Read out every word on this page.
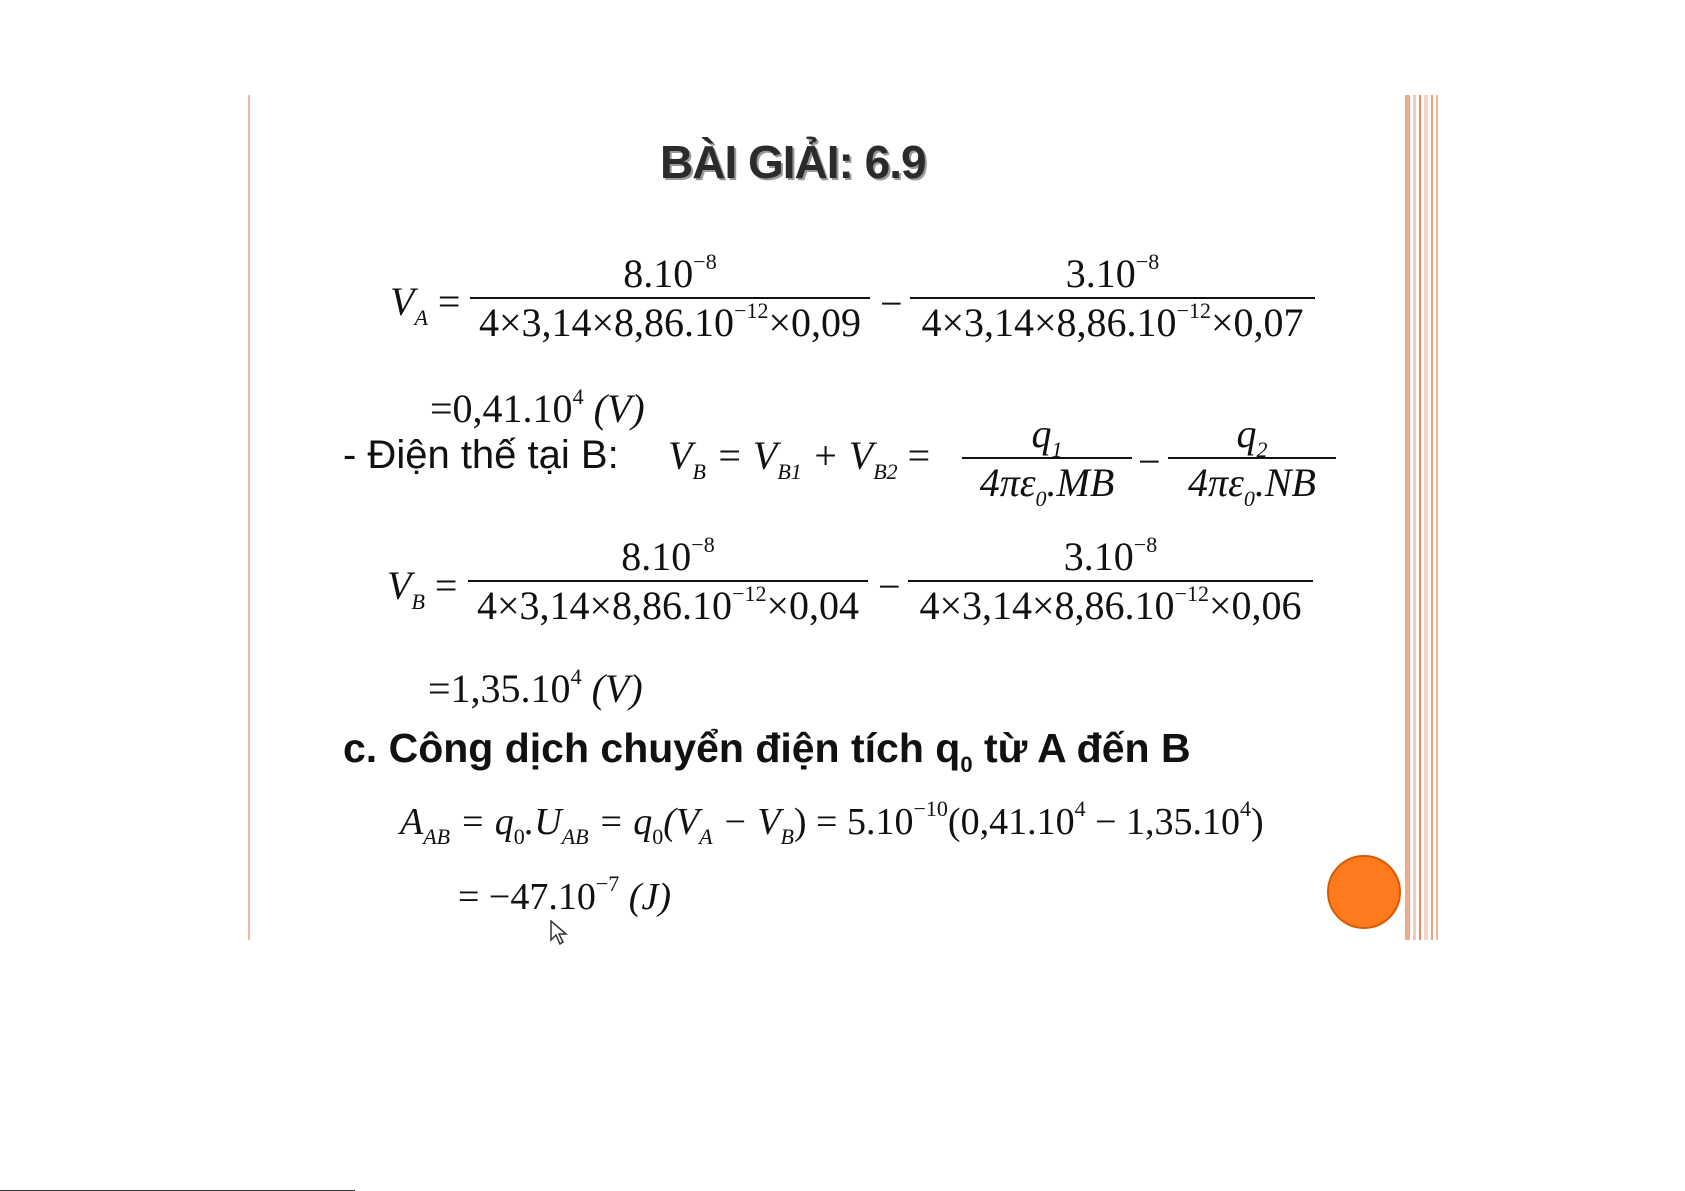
BÀI GIẢI: 6.9
$V_A$ =
$8.10^{-8}$
$4\times 3,14\times 8,86.10^{-12}\times 0,09$ −
$3.10^{-8}$
$4\times 3,14\times 8,86.10^{-12}\times 0,07$
$=0,41.10^4$ (V)
- Điện thế tại B: $V_B = V_{B1} + V_{B2}$ =	$q_1$
$4\pi\varepsilon_0.MB$ −
$q_2$
$4\pi\varepsilon_0.NB$
$V_B$ =
$8.10^{-8}$
$4\times 3,14\times 8,86.10^{-12}\times 0,04$ −
$3.10^{-8}$
$4\times 3,14\times 8,86.10^{-12}\times 0,06$
$=1,35.10^4$ (V)
c. Công dịch chuyển điện tích $q_0$ từ A đến B
$A_{AB} = q_0.U_{AB} = q_0(V_A - V_B) = 5.10^{-10}(0,41.10^4 - 1,35.10^4)$
= $-47.10^{-7}$ (J)
